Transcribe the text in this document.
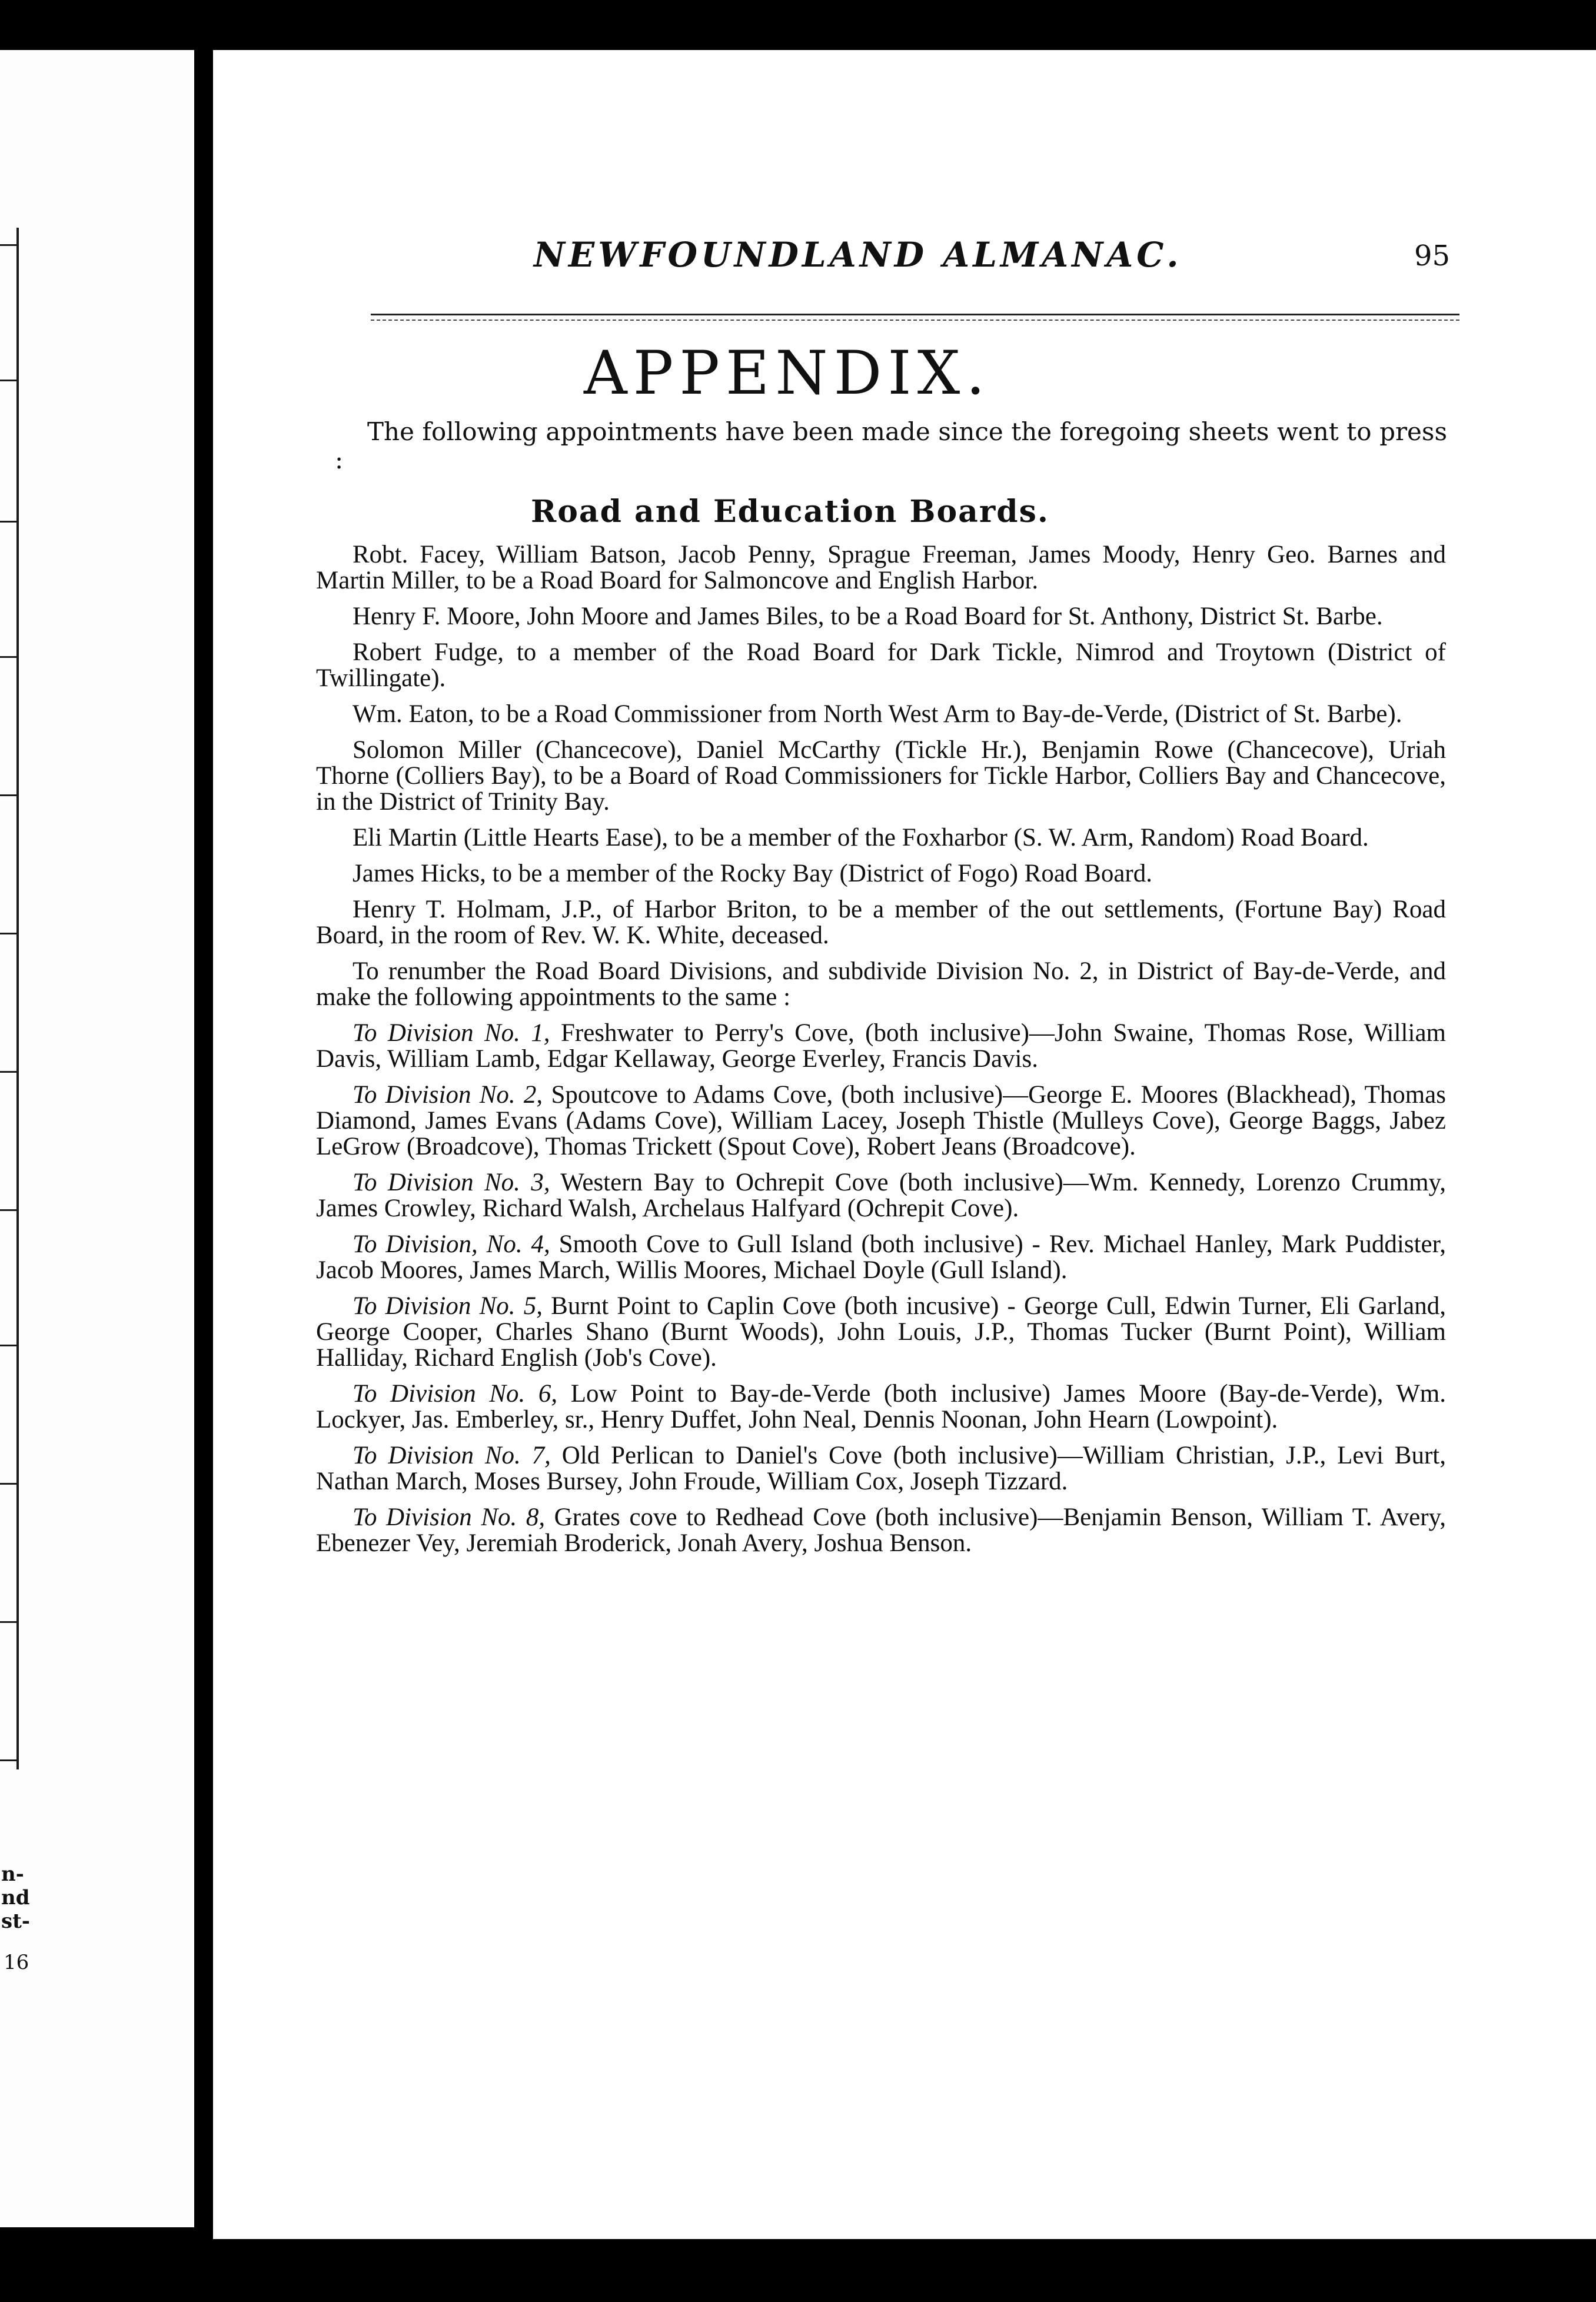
n-
nd
st-
16
NEWFOUNDLAND ALMANAC.	95
APPENDIX.
The following appointments have been made since the foregoing sheets went to press :
Road and Education Boards.

Robt. Facey, William Batson, Jacob Penny, Sprague Freeman, James Moody, Henry Geo. Barnes and Martin Miller, to be a Road Board for Salmoncove and English Harbor.

Henry F. Moore, John Moore and James Biles, to be a Road Board for St. Anthony, District St. Barbe.

Robert Fudge, to a member of the Road Board for Dark Tickle, Nimrod and Troytown (District of Twillingate).

Wm. Eaton, to be a Road Commissioner from North West Arm to Bay-de-Verde, (District of St. Barbe).

Solomon Miller (Chancecove), Daniel McCarthy (Tickle Hr.), Benjamin Rowe (Chancecove), Uriah Thorne (Colliers Bay), to be a Board of Road Commissioners for Tickle Harbor, Colliers Bay and Chancecove, in the District of Trinity Bay.

Eli Martin (Little Hearts Ease), to be a member of the Foxharbor (S. W. Arm, Random) Road Board.

James Hicks, to be a member of the Rocky Bay (District of Fogo) Road Board.

Henry T. Holmam, J.P., of Harbor Briton, to be a member of the out settlements, (Fortune Bay) Road Board, in the room of Rev. W. K. White, deceased.

To renumber the Road Board Divisions, and subdivide Division No. 2, in District of Bay-de-Verde, and make the following appointments to the same :

To Division No. 1, Freshwater to Perry's Cove, (both inclusive)—John Swaine, Thomas Rose, William Davis, William Lamb, Edgar Kellaway, George Everley, Francis Davis.

To Division No. 2, Spoutcove to Adams Cove, (both inclusive)—George E. Moores (Blackhead), Thomas Diamond, James Evans (Adams Cove), William Lacey, Joseph Thistle (Mulleys Cove), George Baggs, Jabez LeGrow (Broadcove), Thomas Trickett (Spout Cove), Robert Jeans (Broadcove).

To Division No. 3, Western Bay to Ochrepit Cove (both inclusive)—Wm. Kennedy, Lorenzo Crummy, James Crowley, Richard Walsh, Archelaus Halfyard (Ochrepit Cove).

To Division, No. 4, Smooth Cove to Gull Island (both inclusive) - Rev. Michael Hanley, Mark Puddister, Jacob Moores, James March, Willis Moores, Michael Doyle (Gull Island).

To Division No. 5, Burnt Point to Caplin Cove (both incusive) - George Cull, Edwin Turner, Eli Garland, George Cooper, Charles Shano (Burnt Woods), John Louis, J.P., Thomas Tucker (Burnt Point), William Halliday, Richard English (Job's Cove).

To Division No. 6, Low Point to Bay-de-Verde (both inclusive) James Moore (Bay-de-Verde), Wm. Lockyer, Jas. Emberley, sr., Henry Duffet, John Neal, Dennis Noonan, John Hearn (Lowpoint).

To Division No. 7, Old Perlican to Daniel's Cove (both inclusive)—William Christian, J.P., Levi Burt, Nathan March, Moses Bursey, John Froude, William Cox, Joseph Tizzard.

To Division No. 8, Grates cove to Redhead Cove (both inclusive)—Benjamin Benson, William T. Avery, Ebenezer Vey, Jeremiah Broderick, Jonah Avery, Joshua Benson.
